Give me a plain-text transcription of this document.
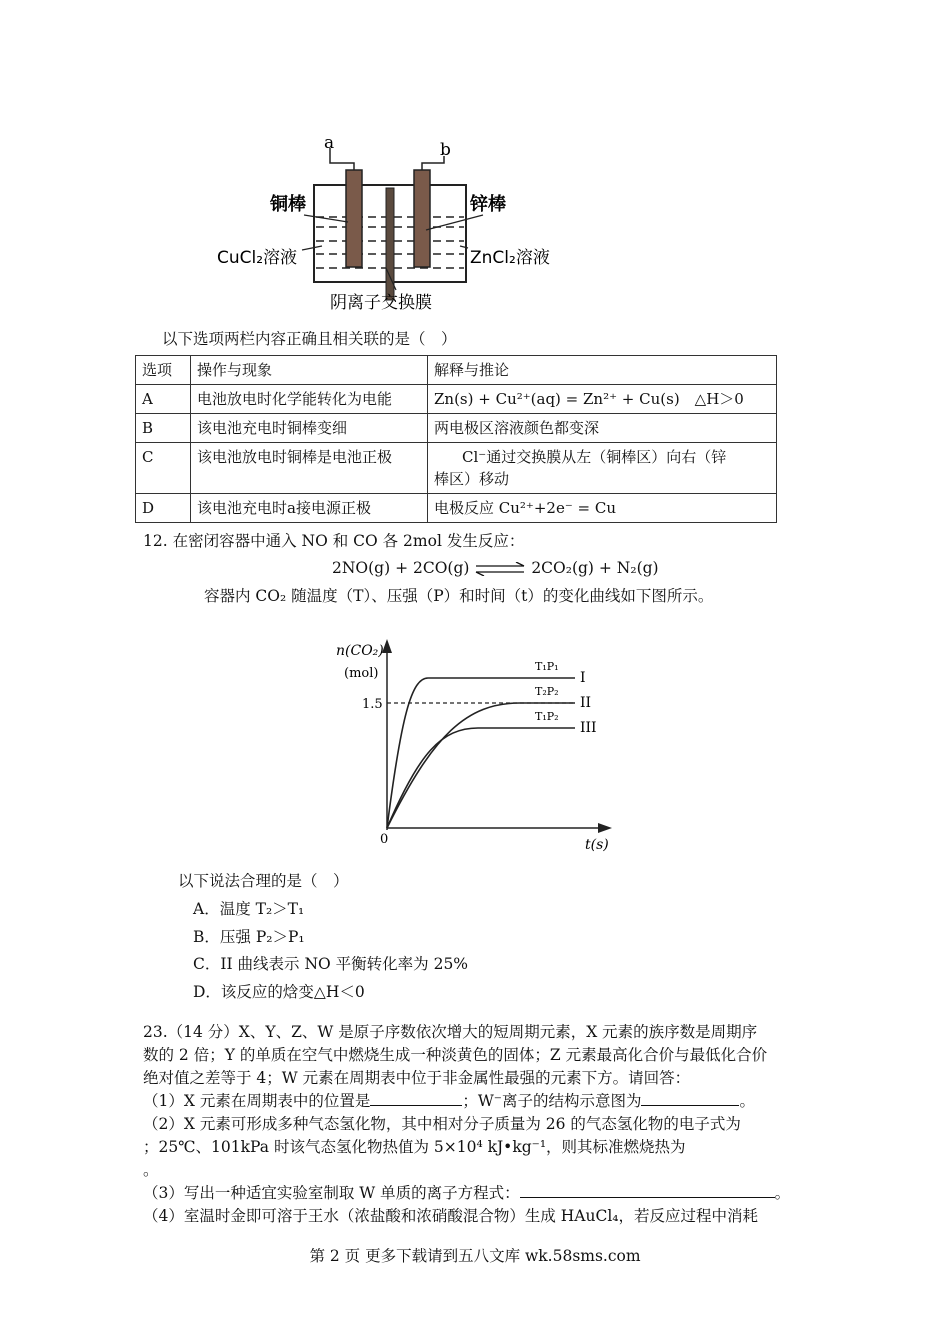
a	b
铜棒	锌棒
CuCl₂溶液	ZnCl₂溶液
阴离子交换膜
以下选项两栏内容正确且相关联的是（　）
选项	操作与现象	解释与推论
A	电池放电时化学能转化为电能	Zn(s) + Cu²⁺(aq) = Zn²⁺ + Cu(s)　△H＞0
B	该电池充电时铜棒变细	两电极区溶液颜色都变深
C	该电池放电时铜棒是电池正极	Cl⁻通过交换膜从左（铜棒区）向右（锌
棒区）移动

D	该电池充电时a接电源正极	电极反应 Cu²⁺+2e⁻ = Cu
12. 在密闭容器中通入 NO 和 CO 各 2mol 发生反应：
2NO(g) + 2CO(g) ⇌ 2CO₂(g) + N₂(g)
容器内 CO₂ 随温度（T）、压强（P）和时间（t）的变化曲线如下图所示。
n(CO₂)
(mol)
1.5
0	t(s)
T₁P₁
I
T₂P₂
II
T₁P₂
III
以下说法合理的是（　）
A．温度 T₂＞T₁
B．压强 P₂＞P₁
C．II 曲线表示 NO 平衡转化率为 25%
D．该反应的焓变△H＜0

23.（14 分）X、Y、Z、W 是原子序数依次增大的短周期元素，X 元素的族序数是周期序

数的 2 倍；Y 的单质在空气中燃烧生成一种淡黄色的固体；Z 元素最高化合价与最低化合价

绝对值之差等于 4；W 元素在周期表中位于非金属性最强的元素下方。请回答：

（1）X 元素在周期表中的位置是	；W⁻离子的结构示意图为	。

（2）X 元素可形成多种气态氢化物，其中相对分子质量为 26 的气态氢化物的电子式为

；25℃、101kPa 时该气态氢化物热值为 5×10⁴ kJ•kg⁻¹，则其标准燃烧热为

。

（3）写出一种适宜实验室制取 W 单质的离子方程式：	。

（4）室温时金即可溶于王水（浓盐酸和浓硝酸混合物）生成 HAuCl₄，若反应过程中消耗

第 2 页 更多下载请到五八文库 wk.58sms.com
